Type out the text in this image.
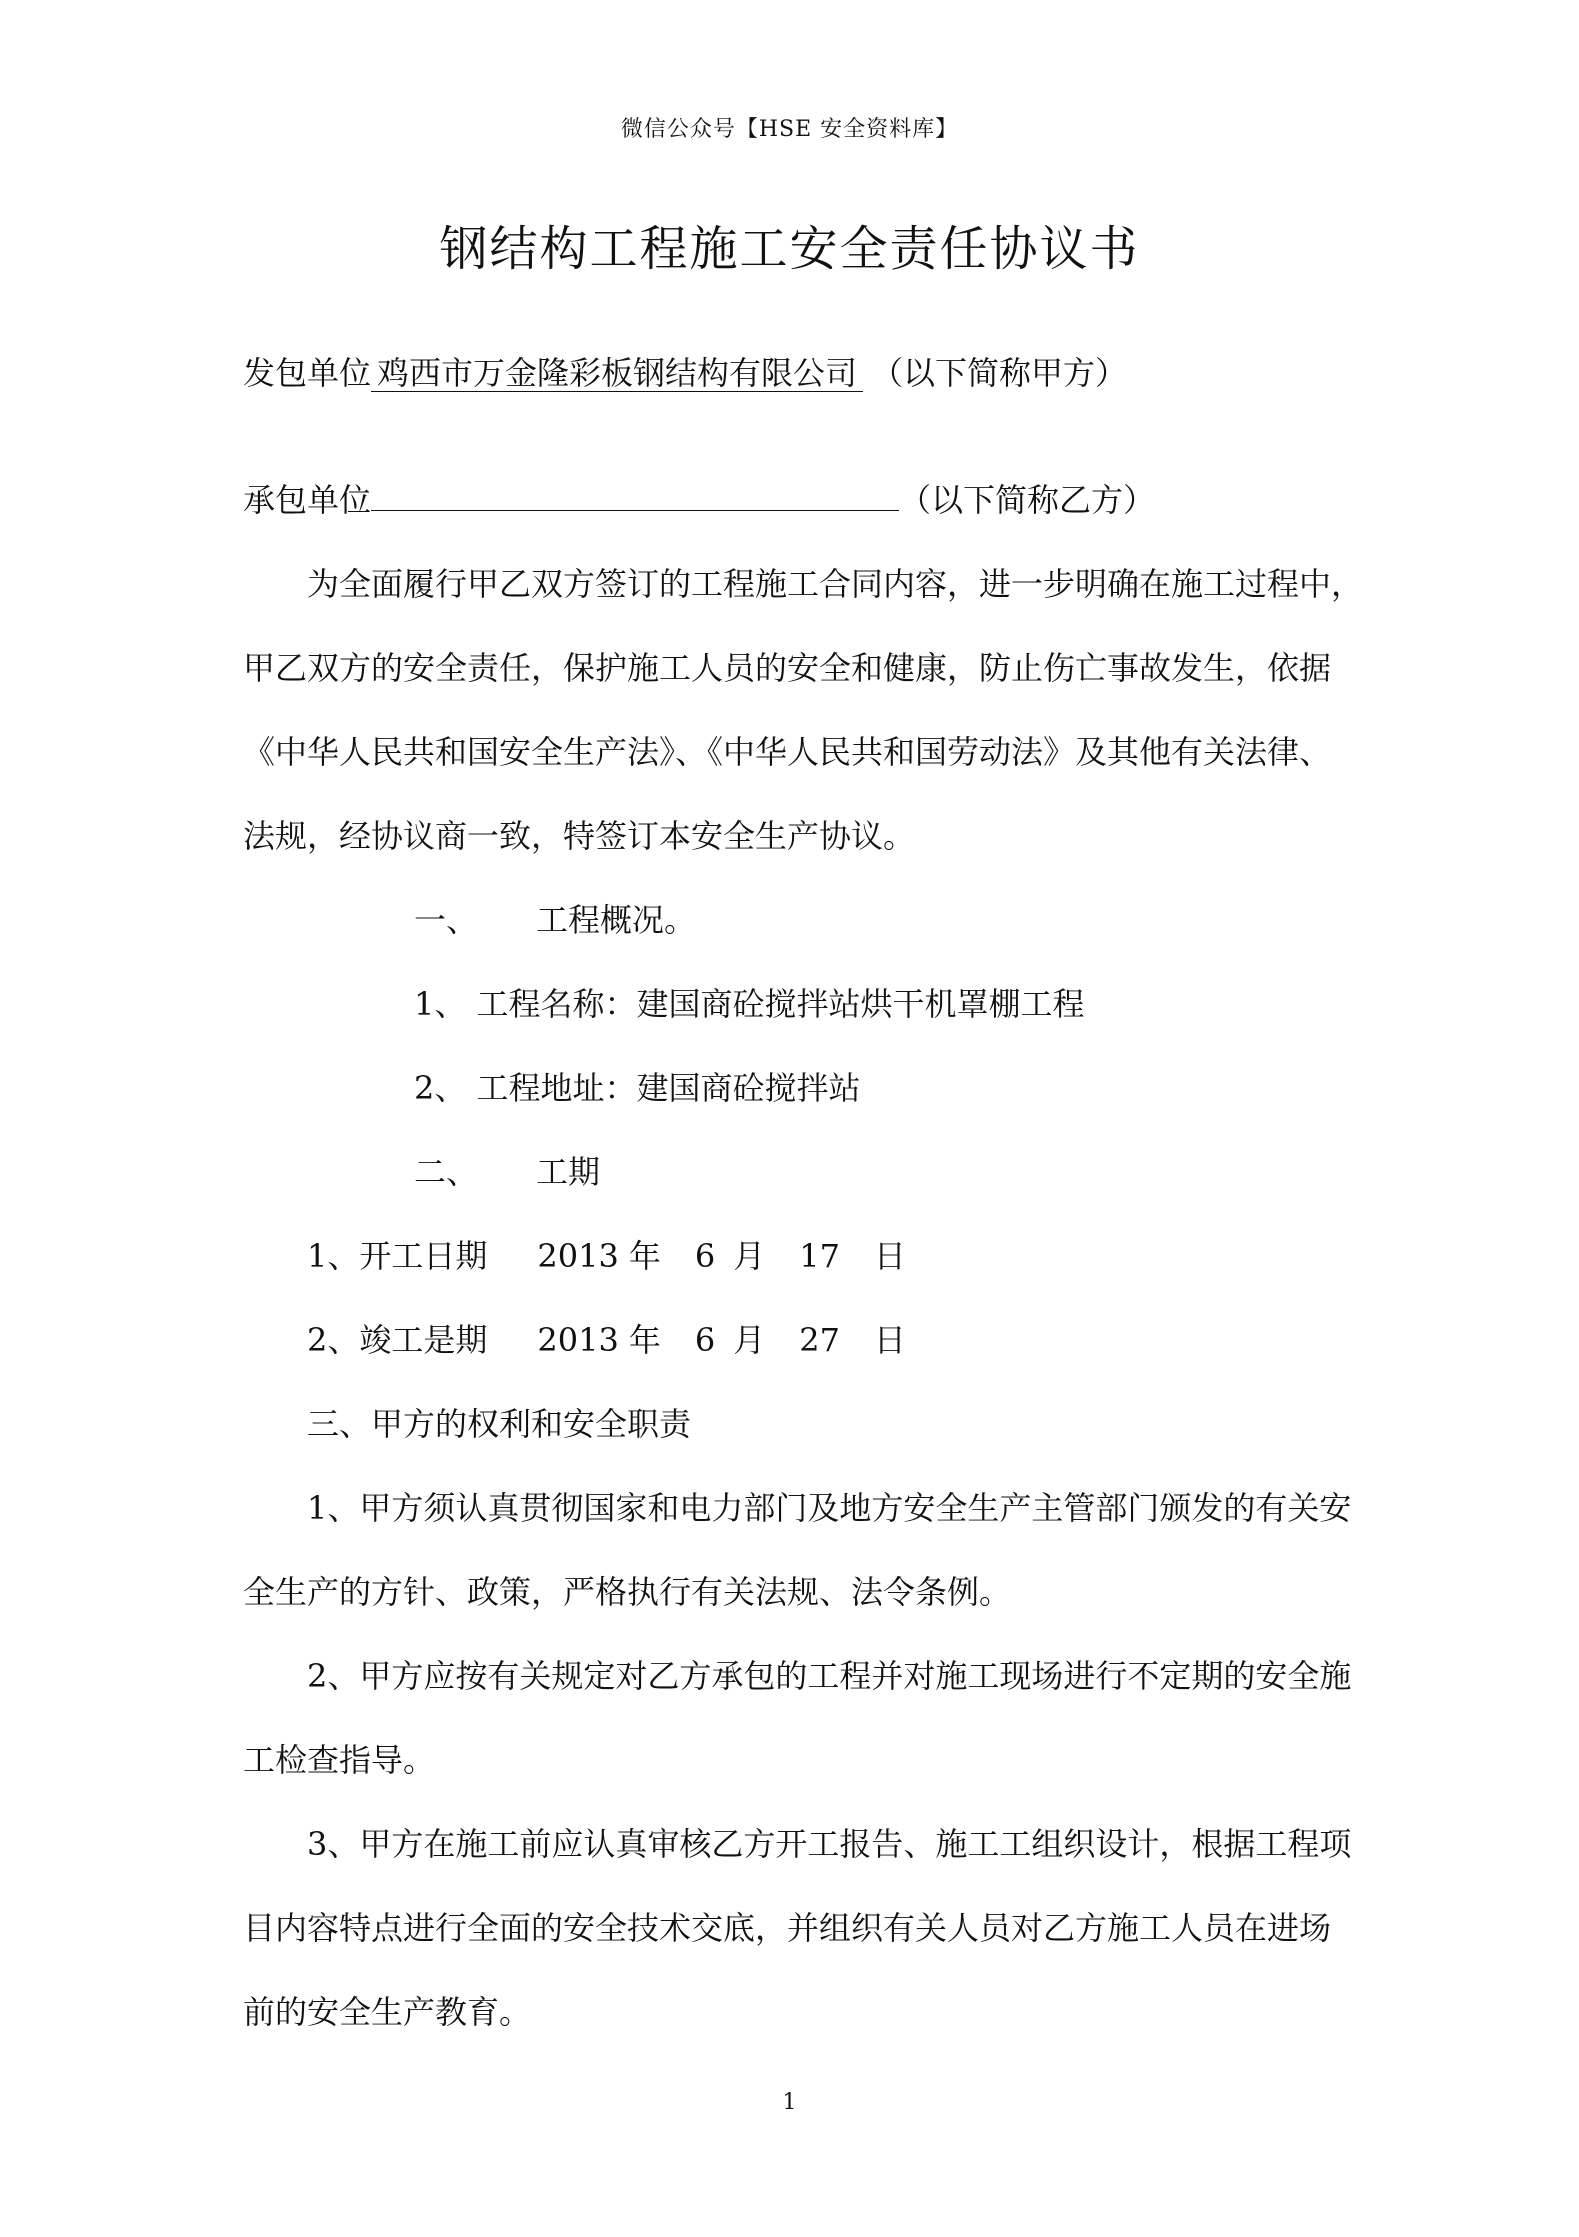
微信公众号【HSE 安全资料库】
钢结构工程施工安全责任协议书
发包单位 鸡西市万金隆彩板钢结构有限公司 （以下简称甲方）
承包单位	（以下简称乙方）
为全面履行甲乙双方签订的工程施工合同内容，进一步明确在施工过程中，
甲乙双方的安全责任，保护施工人员的安全和健康，防止伤亡事故发生，依据
《中华人民共和国安全生产法》、《中华人民共和国劳动法》及其他有关法律、
法规，经协议商一致，特签订本安全生产协议。
一、 工程概况。
1、 工程名称：建国商砼搅拌站烘干机罩棚工程
2、 工程地址：建国商砼搅拌站
二、 工期
1、开工日期 2013 年 6 月 17 日
2、竣工是期 2013 年 6 月 27 日
三、甲方的权利和安全职责
1、甲方须认真贯彻国家和电力部门及地方安全生产主管部门颁发的有关安
全生产的方针、政策，严格执行有关法规、法令条例。
2、甲方应按有关规定对乙方承包的工程并对施工现场进行不定期的安全施
工检查指导。
3、甲方在施工前应认真审核乙方开工报告、施工工组织设计，根据工程项
目内容特点进行全面的安全技术交底，并组织有关人员对乙方施工人员在进场
前的安全生产教育。
1
